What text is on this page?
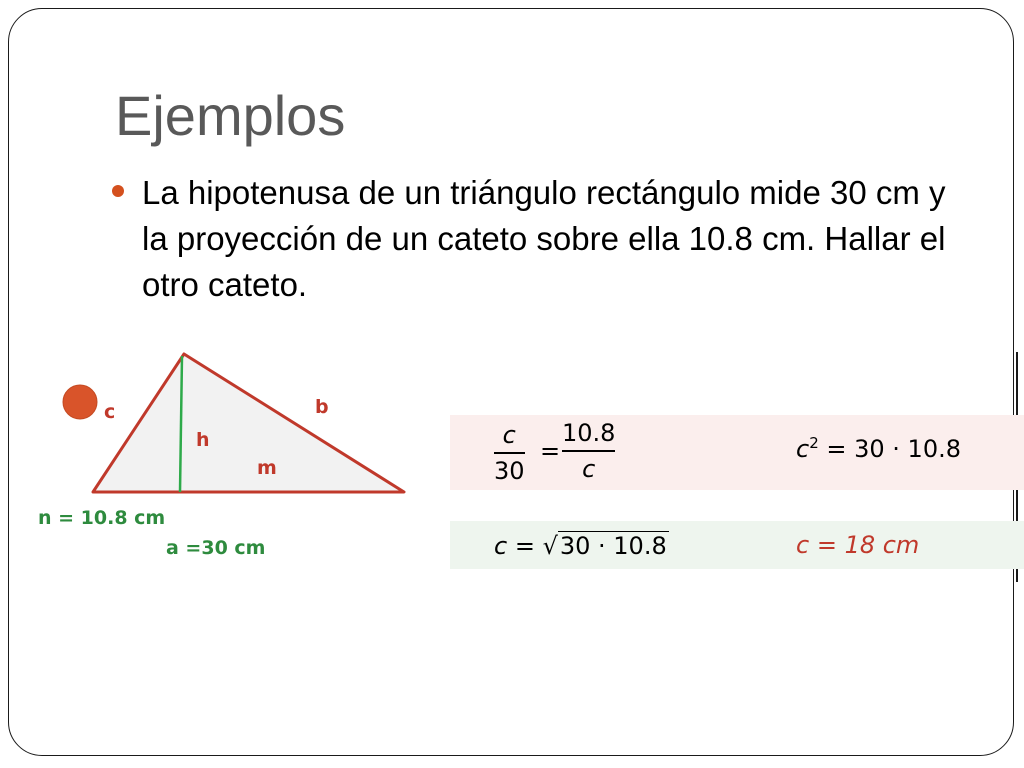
Ejemplos
La hipotenusa de un triángulo rectángulo mide 30 cm y la proyección de un cateto sobre ella 10.8 cm. Hallar el otro cateto.
c	b
h
m
n = 10.8 cm
a =30 cm
c
30
=
10.8
c
$c^2 = 30 \cdot 10.8$
c = √30 · 10.8	c = 18 cm
